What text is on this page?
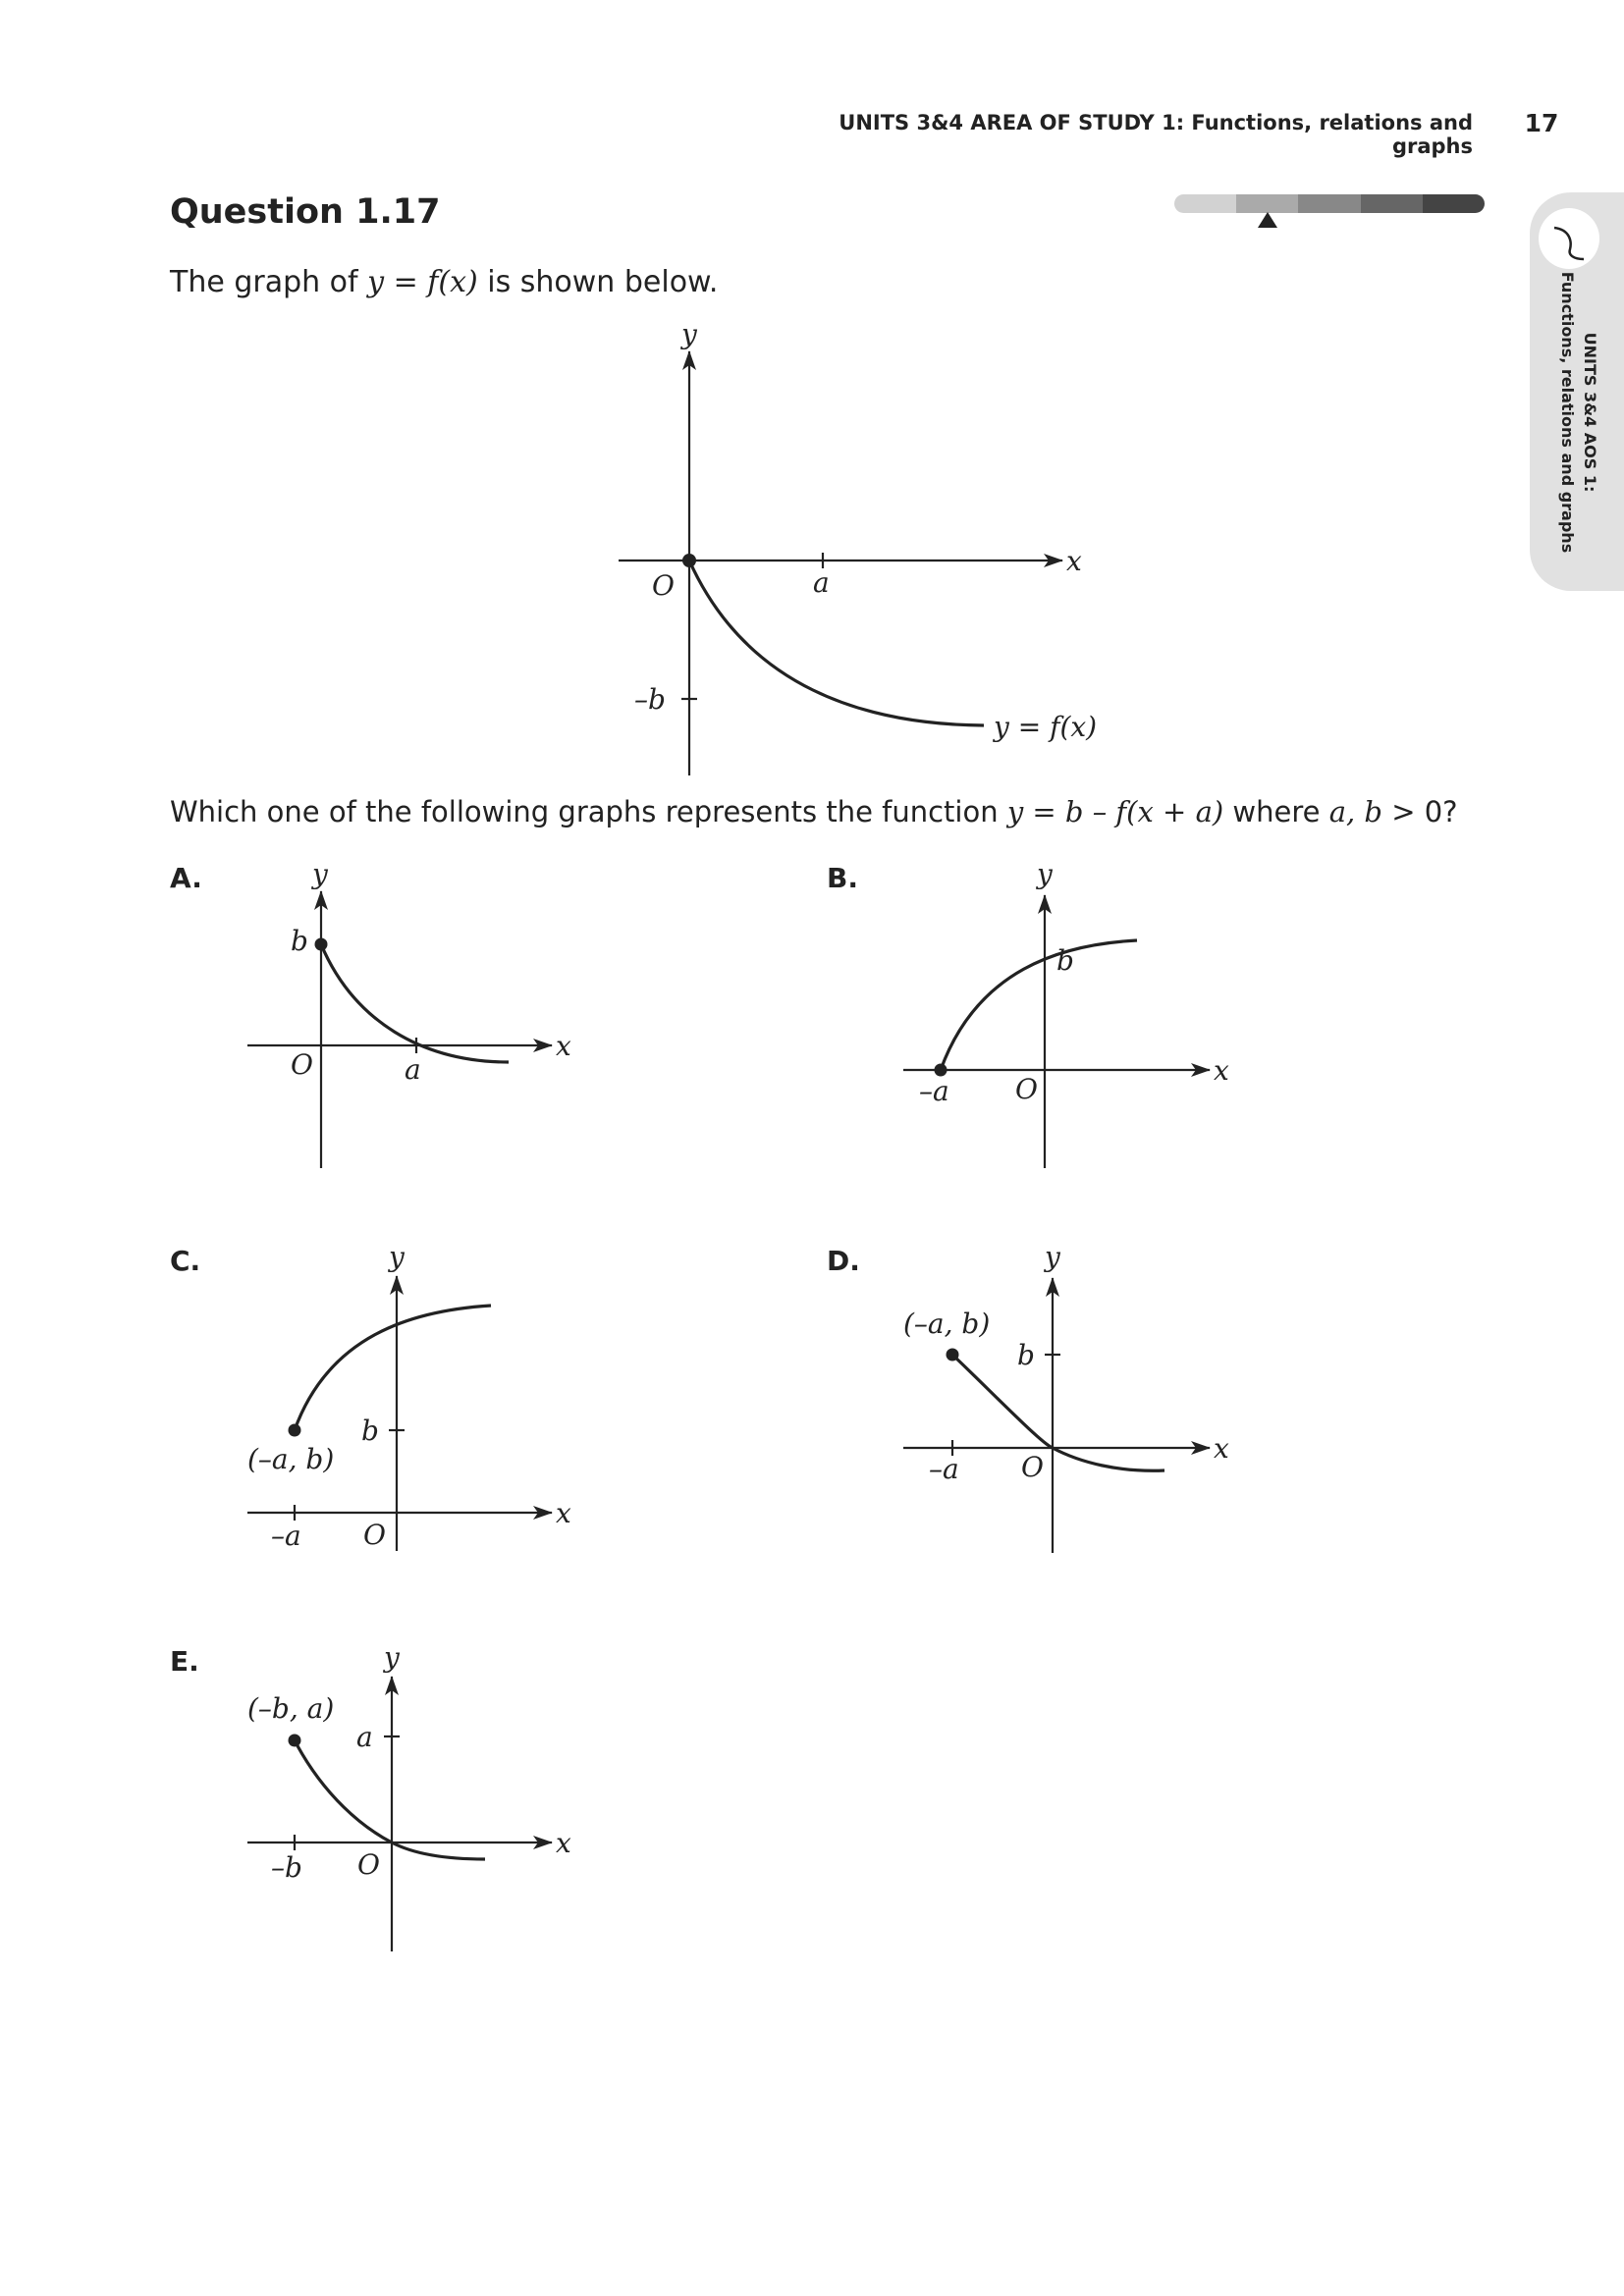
UNITS 3&4 AREA OF STUDY 1: Functions, relations and graphs
17
UNITS 3&4 AOS 1:
Functions, relations and graphs
Question 1.17
The graph of y = f(x) is shown below.
Which one of the following graphs represents the function y = b – f(x + a) where a, b > 0?
A.	B.
C.	D.
E.
y
x
O	a
–b
y = f(x)
y
x
O	a
b
y
x
O
–a
b
y
x
O
–a
b
(–a, b)
y
x
O
–a
b
(–a, b)
y
x
O
–b
a
(–b, a)
